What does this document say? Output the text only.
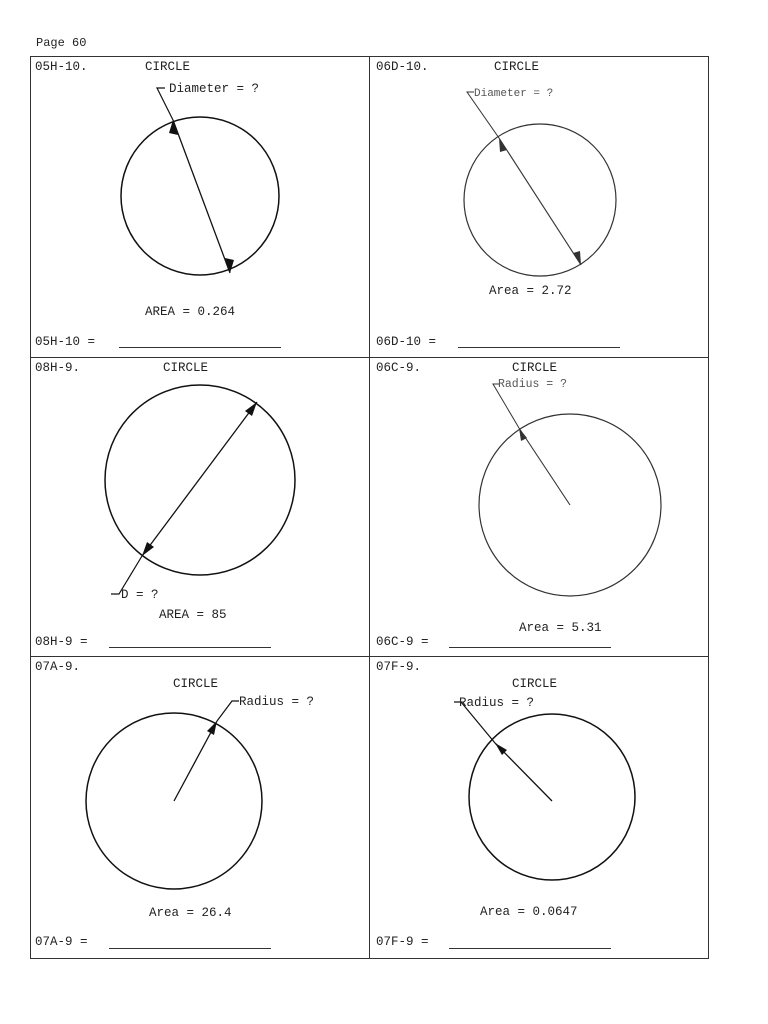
Page 60
05H-10.	CIRCLE
Diameter = ?
AREA = 0.264
05H-10 =
06D-10.	CIRCLE
Diameter = ?
Area = 2.72
06D-10 =
08H-9.	CIRCLE
D = ?
AREA = 85
08H-9 =
06C-9.	CIRCLE
Radius = ?
Area = 5.31
06C-9 =
07A-9.
CIRCLE
Radius = ?
Area = 26.4
07A-9 =
07F-9.
CIRCLE
Radius = ?
Area = 0.0647
07F-9 =
